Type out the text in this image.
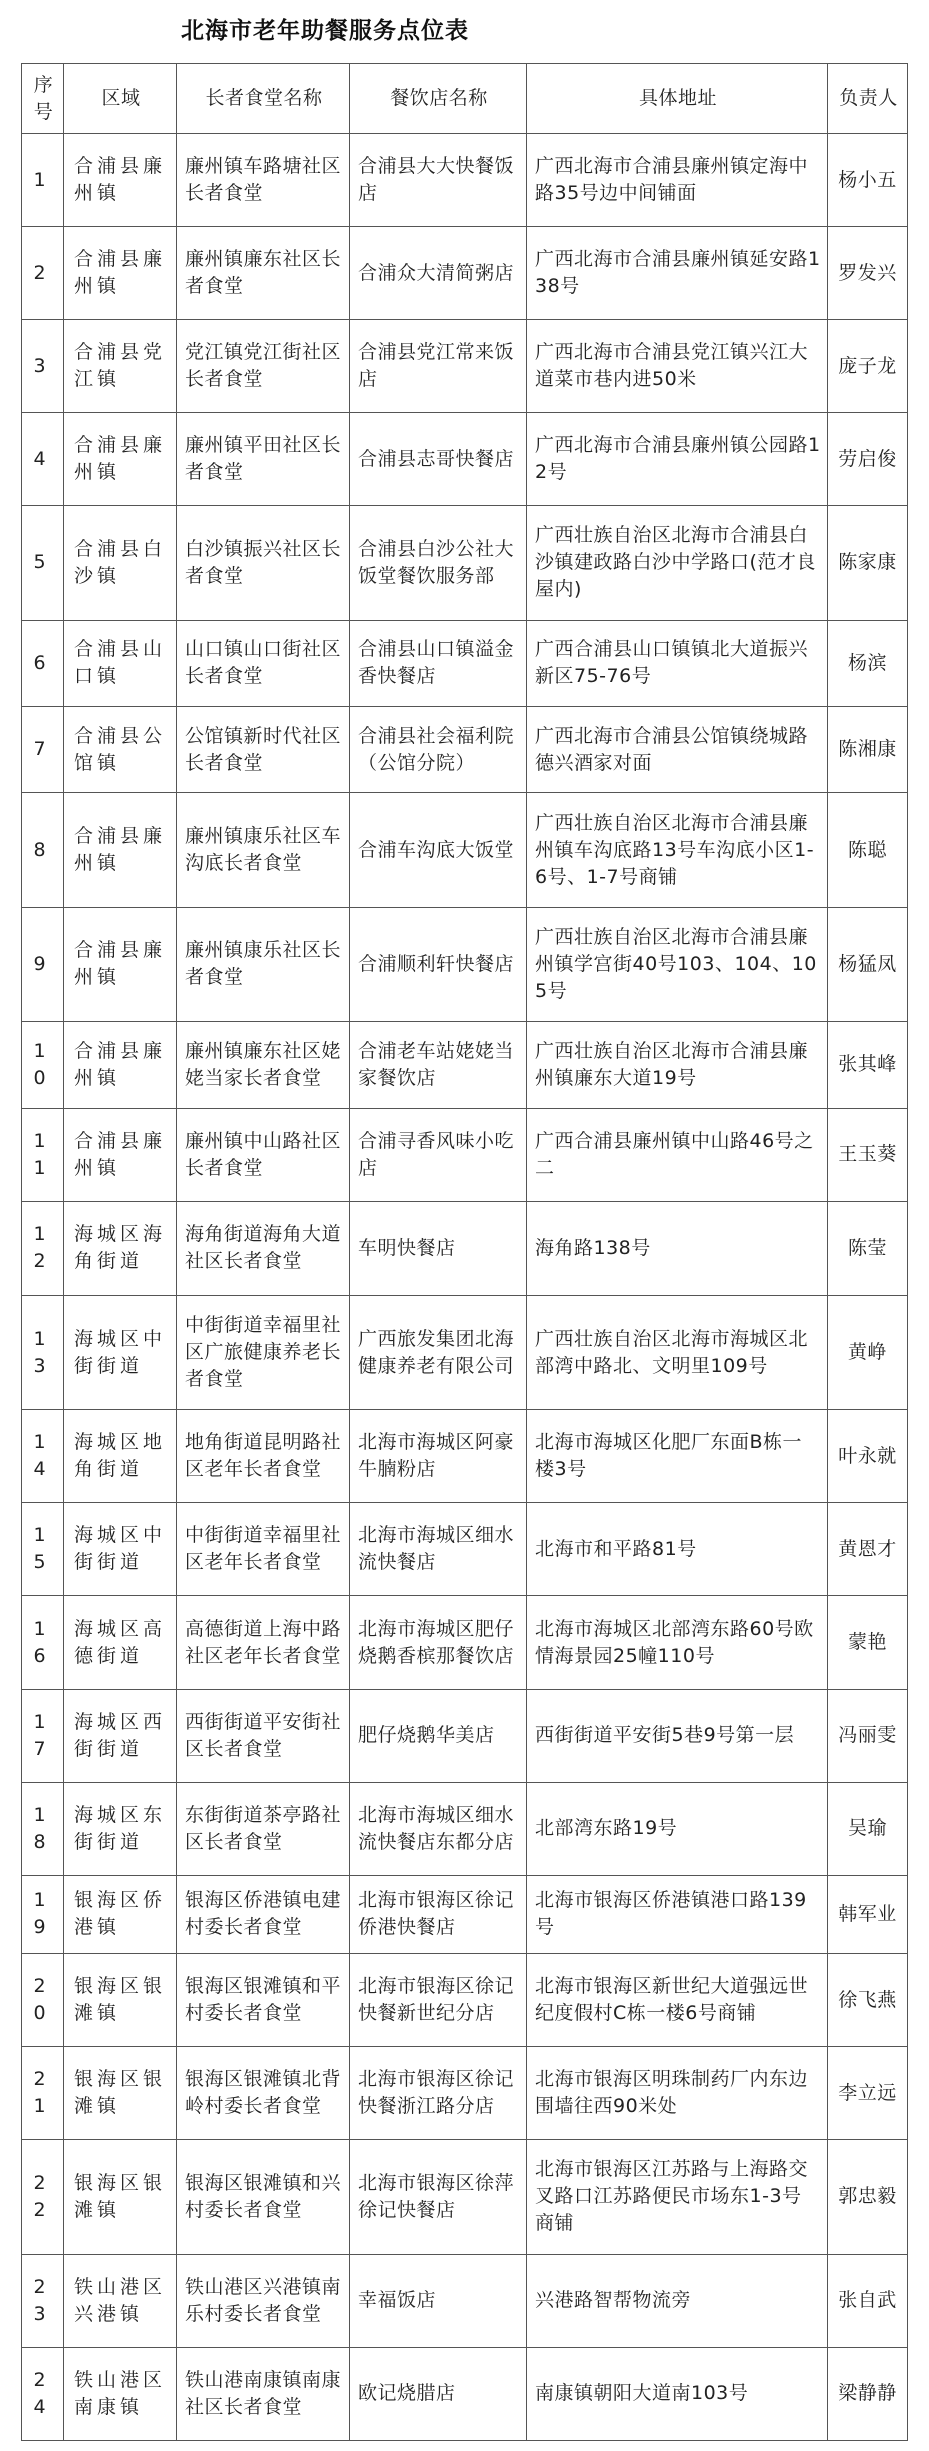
北海市老年助餐服务点位表
序号	区域	长者食堂名称	餐饮店名称	具体地址	负责人
1	合浦县廉州镇	廉州镇车路塘社区长者食堂	合浦县大大快餐饭店	广西北海市合浦县廉州镇定海中路35号边中间铺面	杨小五
2	合浦县廉州镇	廉州镇廉东社区长者食堂	合浦众大清简粥店	广西北海市合浦县廉州镇延安路138号	罗发兴
3	合浦县党江镇	党江镇党江街社区长者食堂	合浦县党江常来饭店	广西北海市合浦县党江镇兴江大道菜市巷内进50米	庞子龙
4	合浦县廉州镇	廉州镇平田社区长者食堂	合浦县志哥快餐店	广西北海市合浦县廉州镇公园路12号	劳启俊
5	合浦县白沙镇	白沙镇振兴社区长者食堂	合浦县白沙公社大饭堂餐饮服务部	广西壮族自治区北海市合浦县白沙镇建政路白沙中学路口(范才良屋内)	陈家康
6	合浦县山口镇	山口镇山口街社区长者食堂	合浦县山口镇溢金香快餐店	广西合浦县山口镇镇北大道振兴新区75-76号	杨滨
7	合浦县公馆镇	公馆镇新时代社区长者食堂	合浦县社会福利院（公馆分院）	广西北海市合浦县公馆镇绕城路德兴酒家对面	陈湘康
8	合浦县廉州镇	廉州镇康乐社区车沟底长者食堂	合浦车沟底大饭堂	广西壮族自治区北海市合浦县廉州镇车沟底路13号车沟底小区1-6号、1-7号商铺	陈聪
9	合浦县廉州镇	廉州镇康乐社区长者食堂	合浦顺利轩快餐店	广西壮族自治区北海市合浦县廉州镇学宫街40号103、104、105号	杨猛凤
10	合浦县廉州镇	廉州镇廉东社区姥姥当家长者食堂	合浦老车站姥姥当家餐饮店	广西壮族自治区北海市合浦县廉州镇廉东大道19号	张其峰
11	合浦县廉州镇	廉州镇中山路社区长者食堂	合浦寻香风味小吃店	广西合浦县廉州镇中山路46号之二	王玉葵
12	海城区海角街道	海角街道海角大道社区长者食堂	车明快餐店	海角路138号	陈莹
13	海城区中街街道	中街街道幸福里社区广旅健康养老长者食堂	广西旅发集团北海健康养老有限公司	广西壮族自治区北海市海城区北部湾中路北、文明里109号	黄峥
14	海城区地角街道	地角街道昆明路社区老年长者食堂	北海市海城区阿豪牛腩粉店	北海市海城区化肥厂东面B栋一楼3号	叶永就
15	海城区中街街道	中街街道幸福里社区老年长者食堂	北海市海城区细水流快餐店	北海市和平路81号	黄恩才
16	海城区高德街道	高德街道上海中路社区老年长者食堂	北海市海城区肥仔烧鹅香槟那餐饮店	北海市海城区北部湾东路60号欧情海景园25幢110号	蒙艳
17	海城区西街街道	西街街道平安街社区长者食堂	肥仔烧鹅华美店	西街街道平安街5巷9号第一层	冯丽雯
18	海城区东街街道	东街街道茶亭路社区长者食堂	北海市海城区细水流快餐店东都分店	北部湾东路19号	吴瑜
19	银海区侨港镇	银海区侨港镇电建村委长者食堂	北海市银海区徐记侨港快餐店	北海市银海区侨港镇港口路139号	韩军业
20	银海区银滩镇	银海区银滩镇和平村委长者食堂	北海市银海区徐记快餐新世纪分店	北海市银海区新世纪大道强远世纪度假村C栋一楼6号商铺	徐飞燕
21	银海区银滩镇	银海区银滩镇北背岭村委长者食堂	北海市银海区徐记快餐浙江路分店	北海市银海区明珠制药厂内东边围墙往西90米处	李立远
22	银海区银滩镇	银海区银滩镇和兴村委长者食堂	北海市银海区徐萍徐记快餐店	北海市银海区江苏路与上海路交叉路口江苏路便民市场东1-3号商铺	郭忠毅
23	铁山港区兴港镇	铁山港区兴港镇南乐村委长者食堂	幸福饭店	兴港路智帮物流旁	张自武
24	铁山港区南康镇	铁山港南康镇南康社区长者食堂	欧记烧腊店	南康镇朝阳大道南103号	梁静静
